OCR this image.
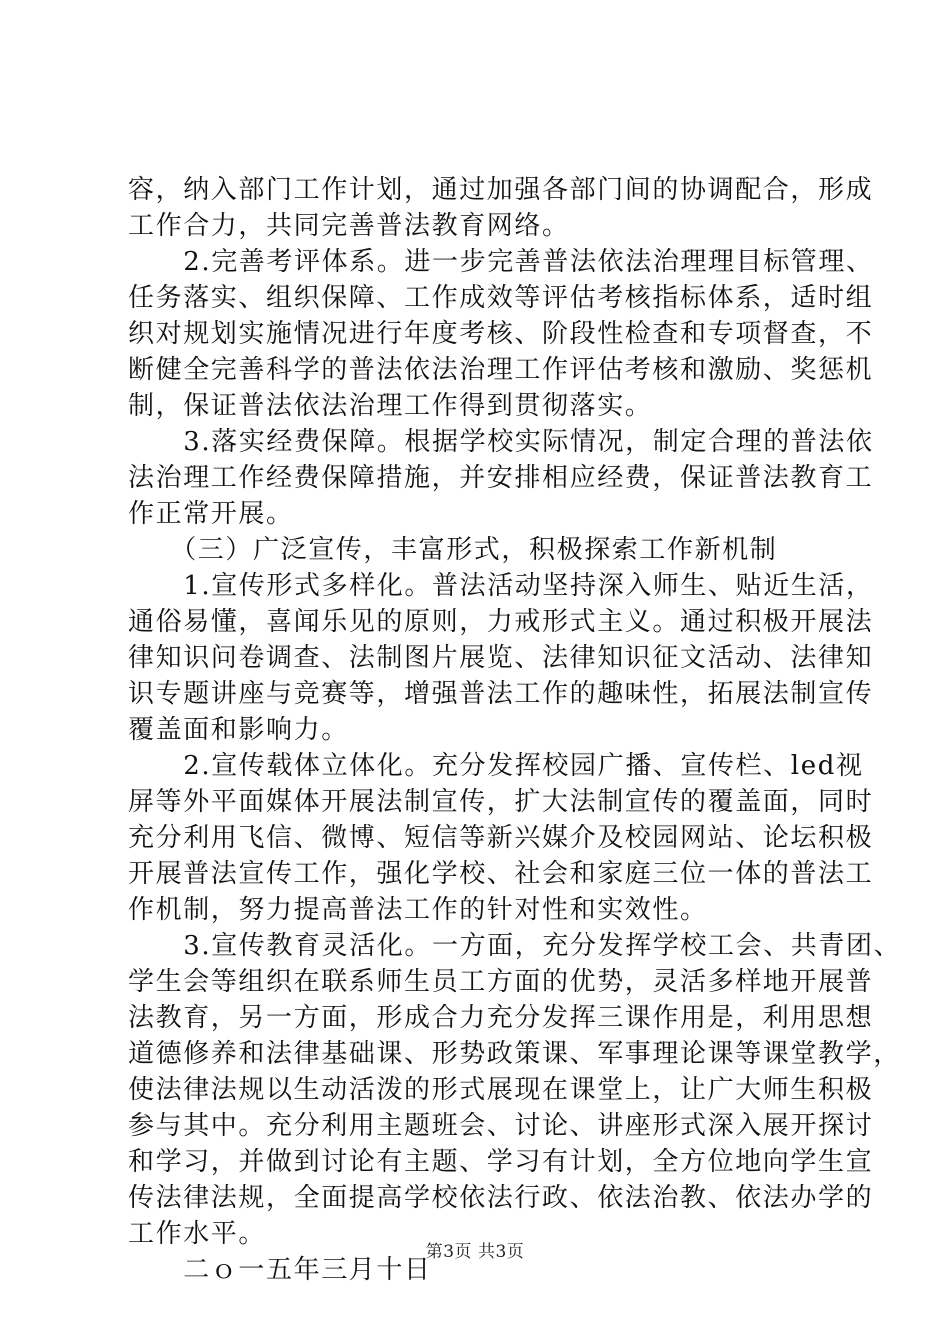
容，纳入部门工作计划，通过加强各部门间的协调配合，形成
工作合力，共同完善普法教育网络。
　　2.完善考评体系。进一步完善普法依法治理理目标管理、
任务落实、组织保障、工作成效等评估考核指标体系，适时组
织对规划实施情况进行年度考核、阶段性检查和专项督查，不
断健全完善科学的普法依法治理工作评估考核和激励、奖惩机
制，保证普法依法治理工作得到贯彻落实。
　　3.落实经费保障。根据学校实际情况，制定合理的普法依
法治理工作经费保障措施，并安排相应经费，保证普法教育工
作正常开展。
　　（三）广泛宣传，丰富形式，积极探索工作新机制
　　1.宣传形式多样化。普法活动坚持深入师生、贴近生活，
通俗易懂，喜闻乐见的原则，力戒形式主义。通过积极开展法
律知识问卷调查、法制图片展览、法律知识征文活动、法律知
识专题讲座与竞赛等，增强普法工作的趣味性，拓展法制宣传
覆盖面和影响力。
　　2.宣传载体立体化。充分发挥校园广播、宣传栏、led视
屏等外平面媒体开展法制宣传，扩大法制宣传的覆盖面，同时
充分利用飞信、微博、短信等新兴媒介及校园网站、论坛积极
开展普法宣传工作，强化学校、社会和家庭三位一体的普法工
作机制，努力提高普法工作的针对性和实效性。
　　3.宣传教育灵活化。一方面，充分发挥学校工会、共青团、
学生会等组织在联系师生员工方面的优势，灵活多样地开展普
法教育，另一方面，形成合力充分发挥三课作用是，利用思想
道德修养和法律基础课、形势政策课、军事理论课等课堂教学，
使法律法规以生动活泼的形式展现在课堂上，让广大师生积极
参与其中。充分利用主题班会、讨论、讲座形式深入展开探讨
和学习，并做到讨论有主题、学习有计划，全方位地向学生宣
传法律法规，全面提高学校依法行政、依法治教、依法办学的
工作水平。
　　二ｏ一五年三月十日
第3页 共3页
